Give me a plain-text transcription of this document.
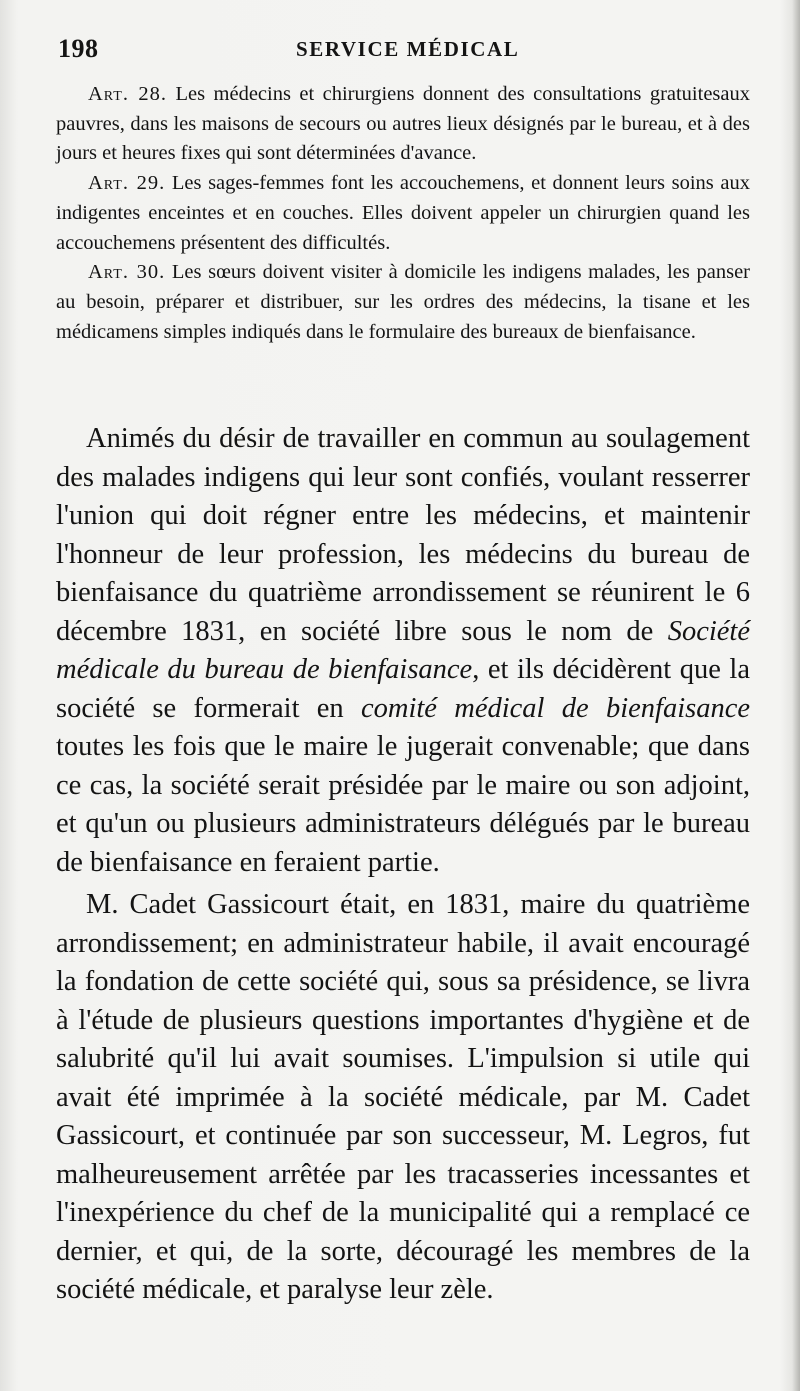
198	SERVICE MÉDICAL

Art. 28. Les médecins et chirurgiens donnent des consultations gratuitesaux pauvres, dans les maisons de secours ou autres lieux désignés par le bureau, et à des jours et heures fixes qui sont déterminées d'avance.

Art. 29. Les sages-femmes font les accouchemens, et donnent leurs soins aux indigentes enceintes et en couches. Elles doivent appeler un chirurgien quand les accouchemens présentent des difficultés.

Art. 30. Les sœurs doivent visiter à domicile les indigens malades, les panser au besoin, préparer et distribuer, sur les ordres des médecins, la tisane et les médicamens simples indiqués dans le formulaire des bureaux de bienfaisance.

Animés du désir de travailler en commun au soulagement des malades indigens qui leur sont confiés, voulant resserrer l'union qui doit régner entre les médecins, et maintenir l'honneur de leur profession, les médecins du bureau de bienfaisance du quatrième arrondissement se réunirent le 6 décembre 1831, en société libre sous le nom de Société médicale du bureau de bienfaisance, et ils décidèrent que la société se formerait en comité médical de bienfaisance toutes les fois que le maire le jugerait convenable; que dans ce cas, la société serait présidée par le maire ou son adjoint, et qu'un ou plusieurs administrateurs délégués par le bureau de bienfaisance en feraient partie.

M. Cadet Gassicourt était, en 1831, maire du quatrième arrondissement; en administrateur habile, il avait encouragé la fondation de cette société qui, sous sa présidence, se livra à l'étude de plusieurs questions importantes d'hygiène et de salubrité qu'il lui avait soumises. L'impulsion si utile qui avait été imprimée à la société médicale, par M. Cadet Gassicourt, et continuée par son successeur, M. Legros, fut malheureusement arrêtée par les tracasseries incessantes et l'inexpérience du chef de la municipalité qui a remplacé ce dernier, et qui, de la sorte, découragé les membres de la société médicale, et paralyse leur zèle.
